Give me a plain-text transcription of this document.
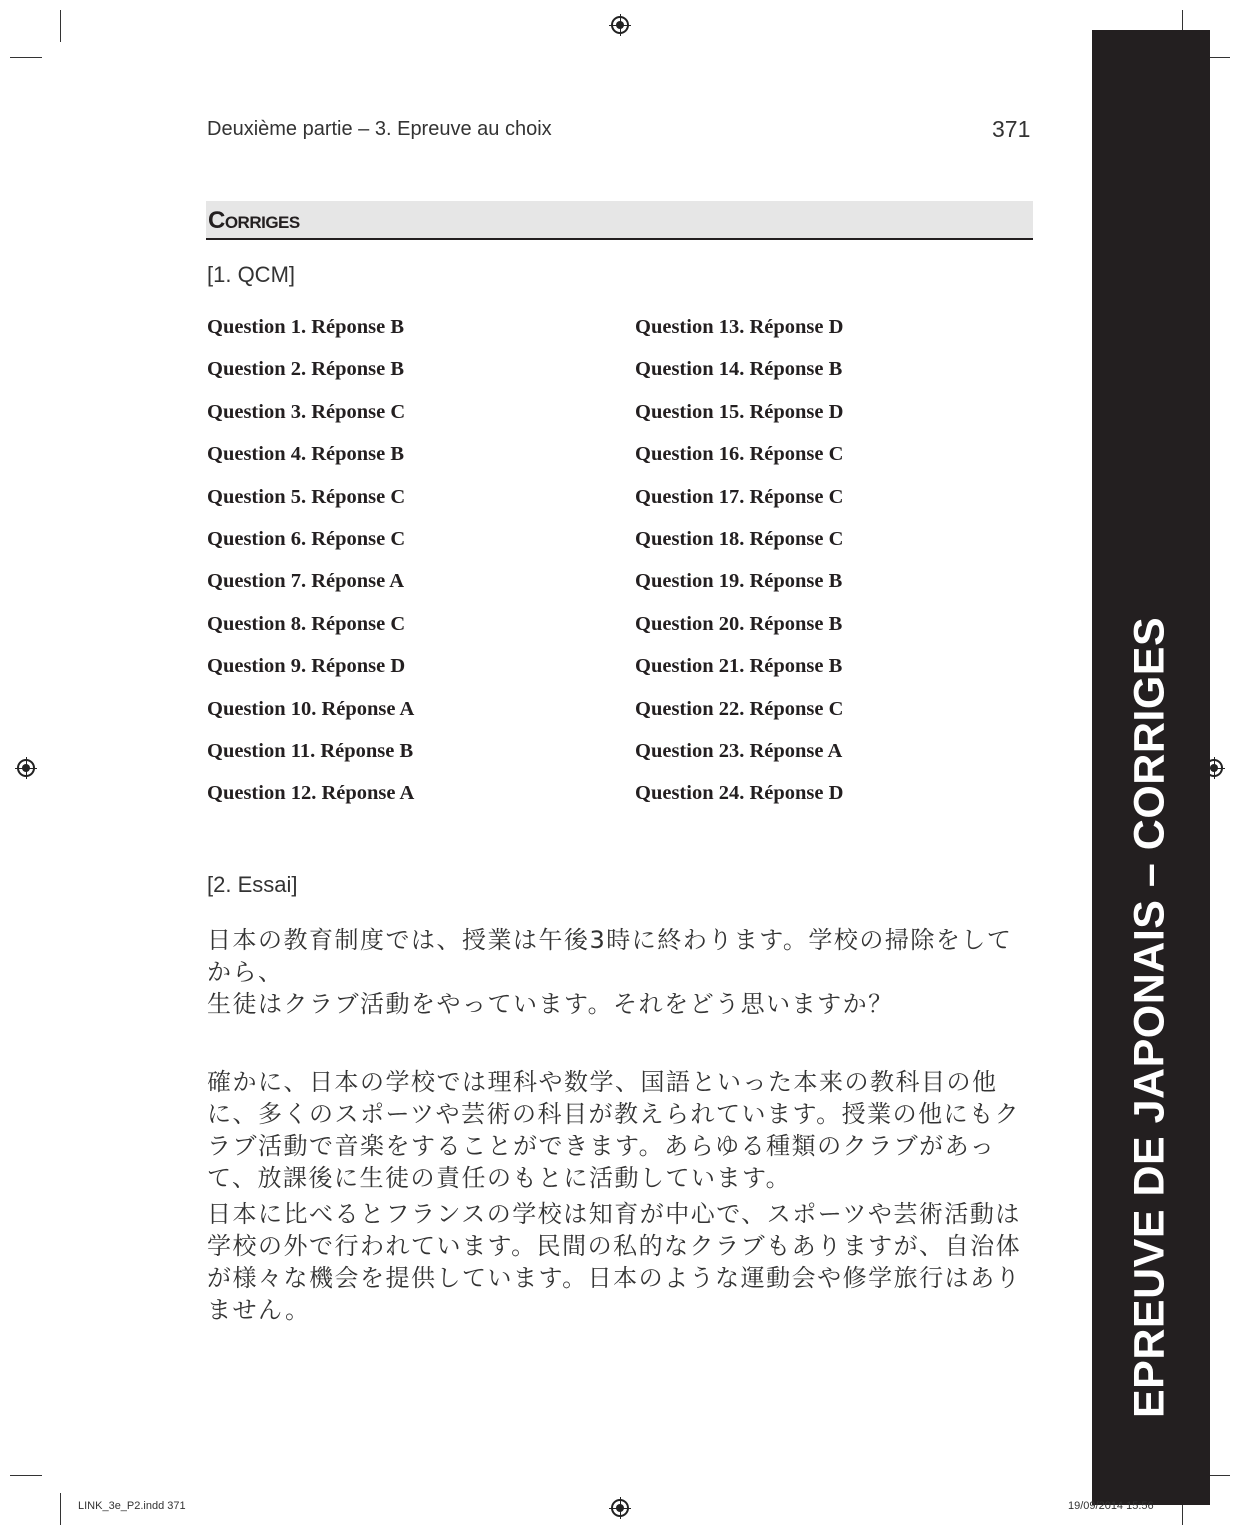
Deuxième partie – 3. Epreuve au choix	371
Corriges
[1. QCM]
Question 1. Réponse B
Question 2. Réponse B
Question 3. Réponse C
Question 4. Réponse B
Question 5. Réponse C
Question 6. Réponse C
Question 7. Réponse A
Question 8. Réponse C
Question 9. Réponse D
Question 10. Réponse A
Question 11. Réponse B
Question 12. Réponse A
Question 13. Réponse D
Question 14. Réponse B
Question 15. Réponse D
Question 16. Réponse C
Question 17. Réponse C
Question 18. Réponse C
Question 19. Réponse B
Question 20. Réponse B
Question 21. Réponse B
Question 22. Réponse C
Question 23. Réponse A
Question 24. Réponse D
[2. Essai]

日本の教育制度では、授業は午後3時に終わります。学校の掃除をしてから、

生徒はクラブ活動をやっています。それをどう思いますか？

確かに、日本の学校では理科や数学、国語といった本来の教科目の他に、多くのスポーツや芸術の科目が教えられています。授業の他にもクラブ活動で音楽をすることができます。あらゆる種類のクラブがあって、放課後に生徒の責任のもとに活動しています。

日本に比べるとフランスの学校は知育が中心で、スポーツや芸術活動は学校の外で行われています。民間の私的なクラブもありますが、自治体が様々な機会を提供しています。日本のような運動会や修学旅行はありません。	EPREUVE DE JAPONAIS – CORRIGES
LINK_3e_P2.indd 371	19/09/2014 15:56
